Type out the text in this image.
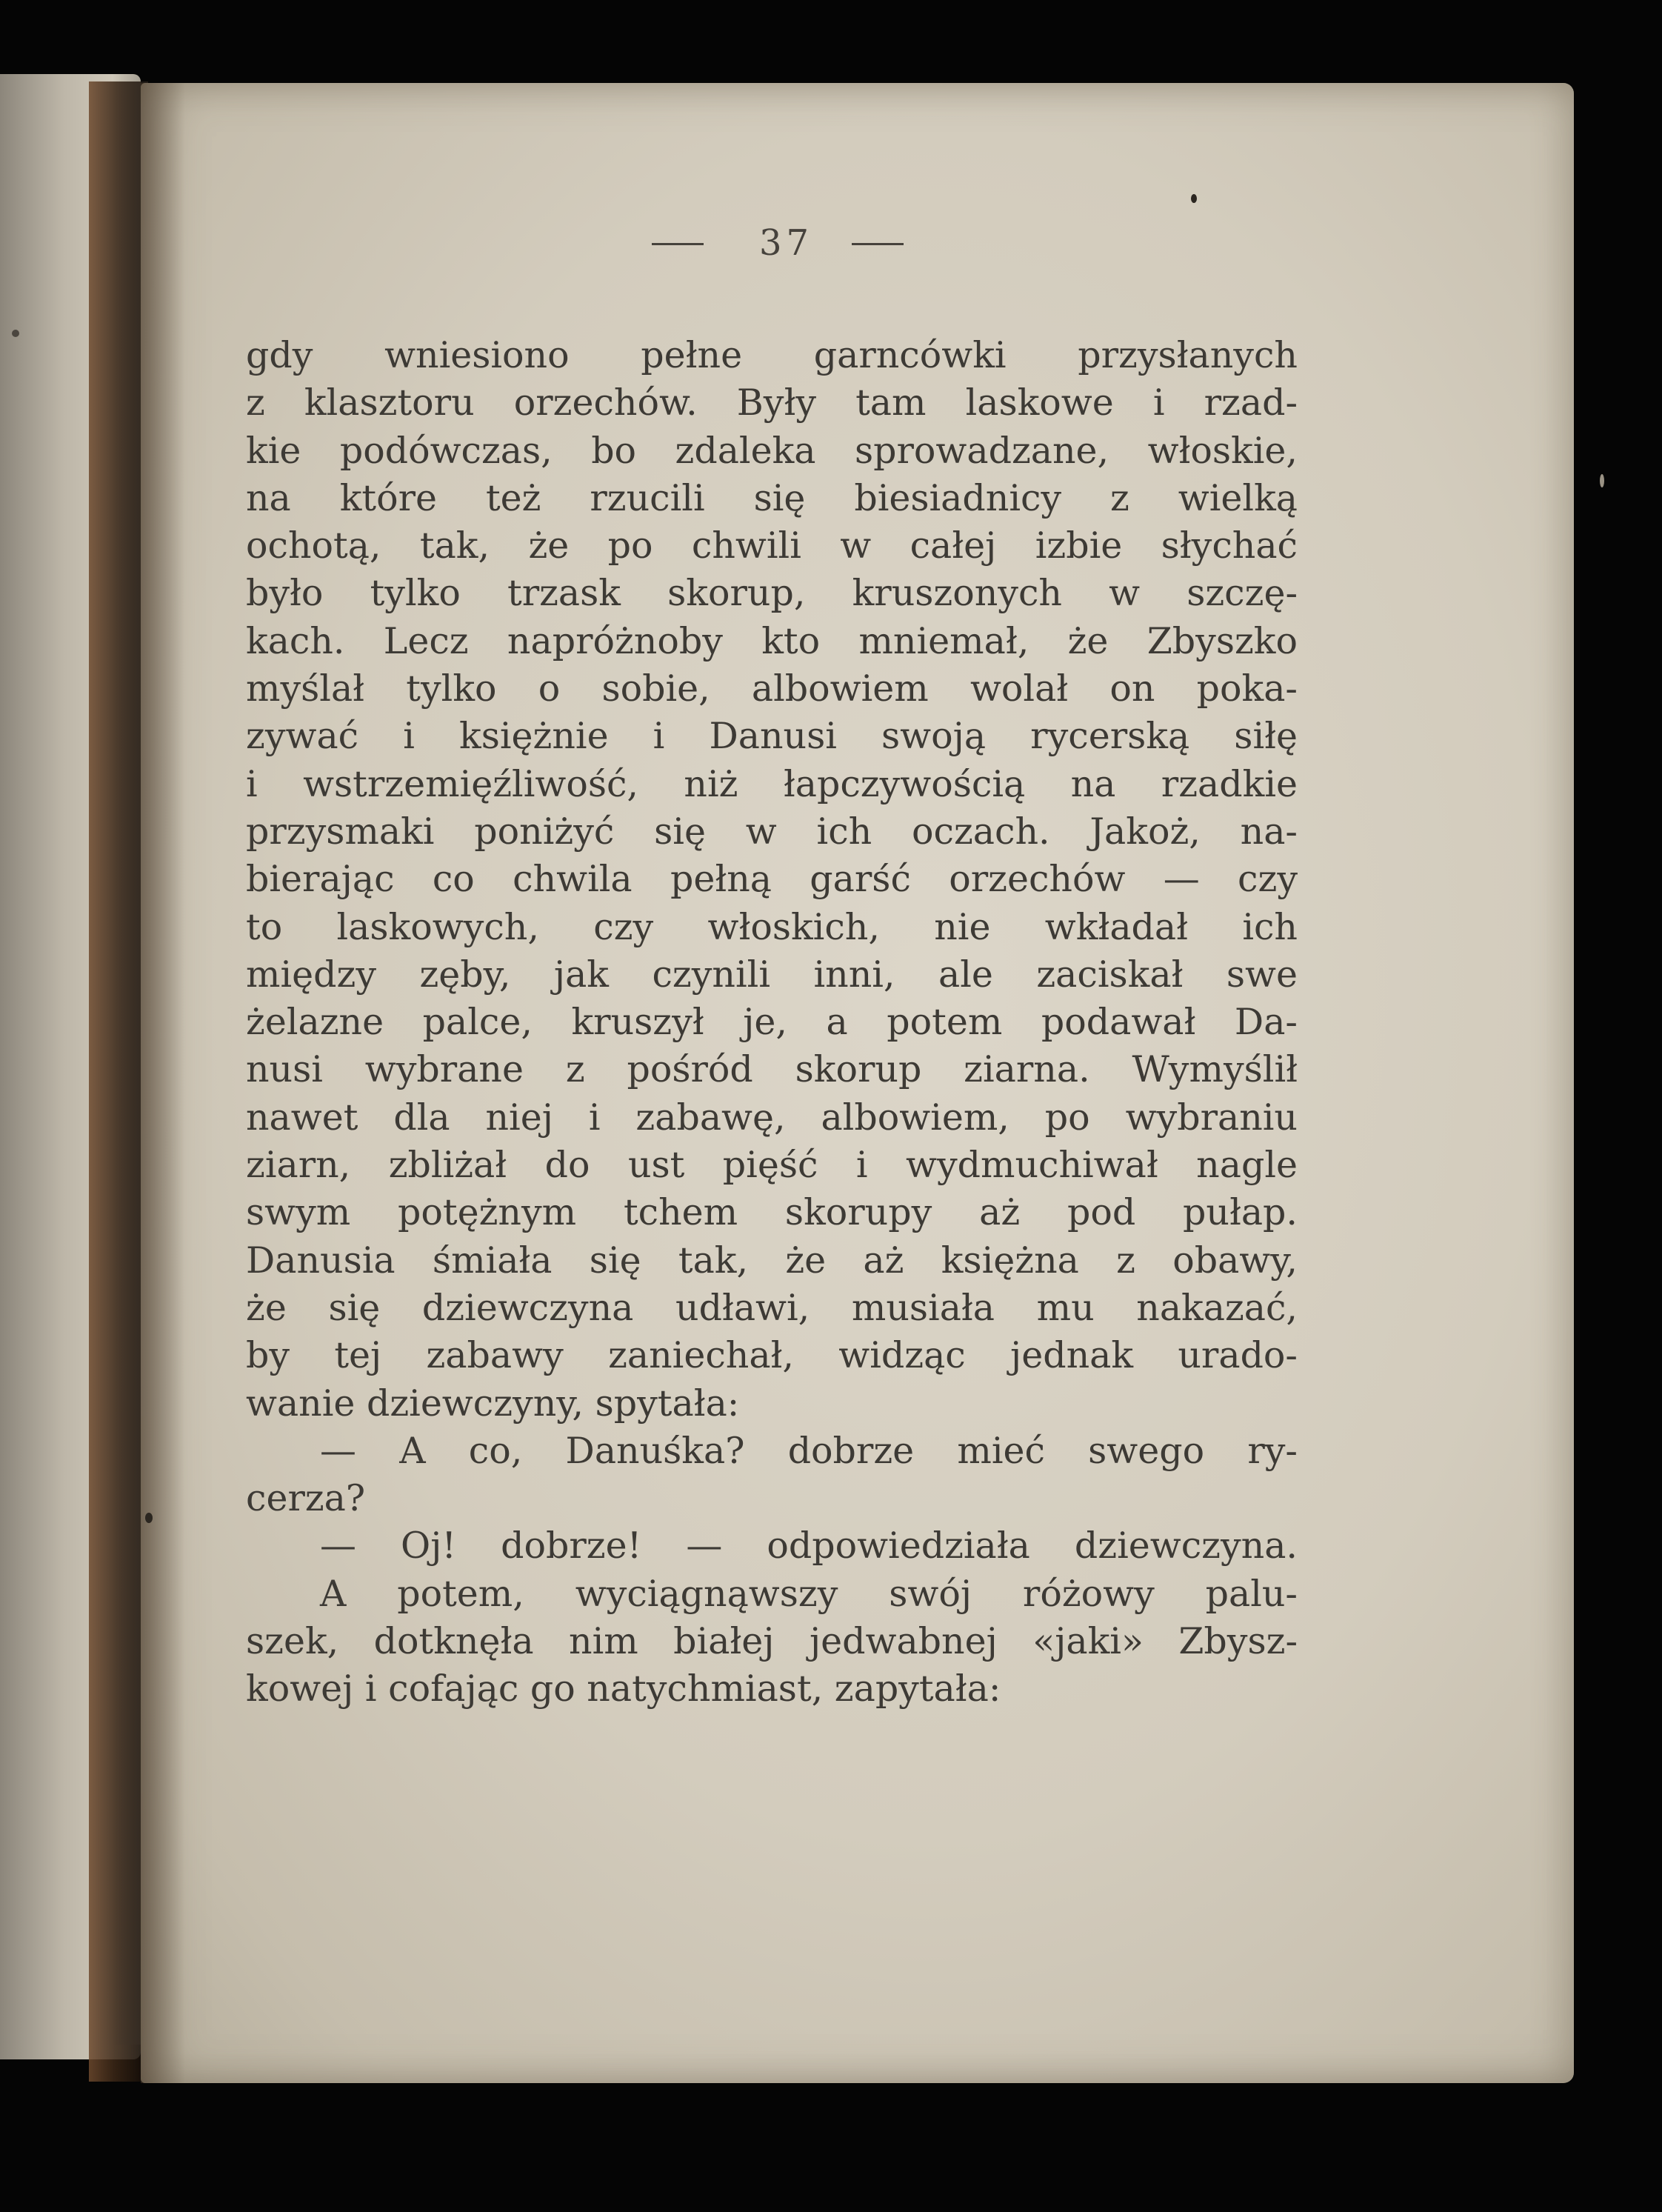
37
gdy wniesiono pełne garncówki przysłanych
z klasztoru orzechów. Były tam laskowe i rzad-
kie podówczas, bo zdaleka sprowadzane, włoskie,
na które też rzucili się biesiadnicy z wielką
ochotą, tak, że po chwili w całej izbie słychać
było tylko trzask skorup, kruszonych w szczę-
kach. Lecz napróżnoby kto mniemał, że Zbyszko
myślał tylko o sobie, albowiem wolał on poka-
zywać i księżnie i Danusi swoją rycerską siłę
i wstrzemięźliwość, niż łapczywością na rzadkie
przysmaki poniżyć się w ich oczach. Jakoż, na-
bierając co chwila pełną garść orzechów — czy
to laskowych, czy włoskich, nie wkładał ich
między zęby, jak czynili inni, ale zaciskał swe
żelazne palce, kruszył je, a potem podawał Da-
nusi wybrane z pośród skorup ziarna. Wymyślił
nawet dla niej i zabawę, albowiem, po wybraniu
ziarn, zbliżał do ust pięść i wydmuchiwał nagle
swym potężnym tchem skorupy aż pod pułap.
Danusia śmiała się tak, że aż księżna z obawy,
że się dziewczyna udławi, musiała mu nakazać,
by tej zabawy zaniechał, widząc jednak urado-
wanie dziewczyny, spytała:
— A co, Danuśka? dobrze mieć swego ry-
cerza?
— Oj! dobrze! — odpowiedziała dziewczyna.
A potem, wyciągnąwszy swój różowy palu-
szek, dotknęła nim białej jedwabnej «jaki» Zbysz-
kowej i cofając go natychmiast, zapytała:
